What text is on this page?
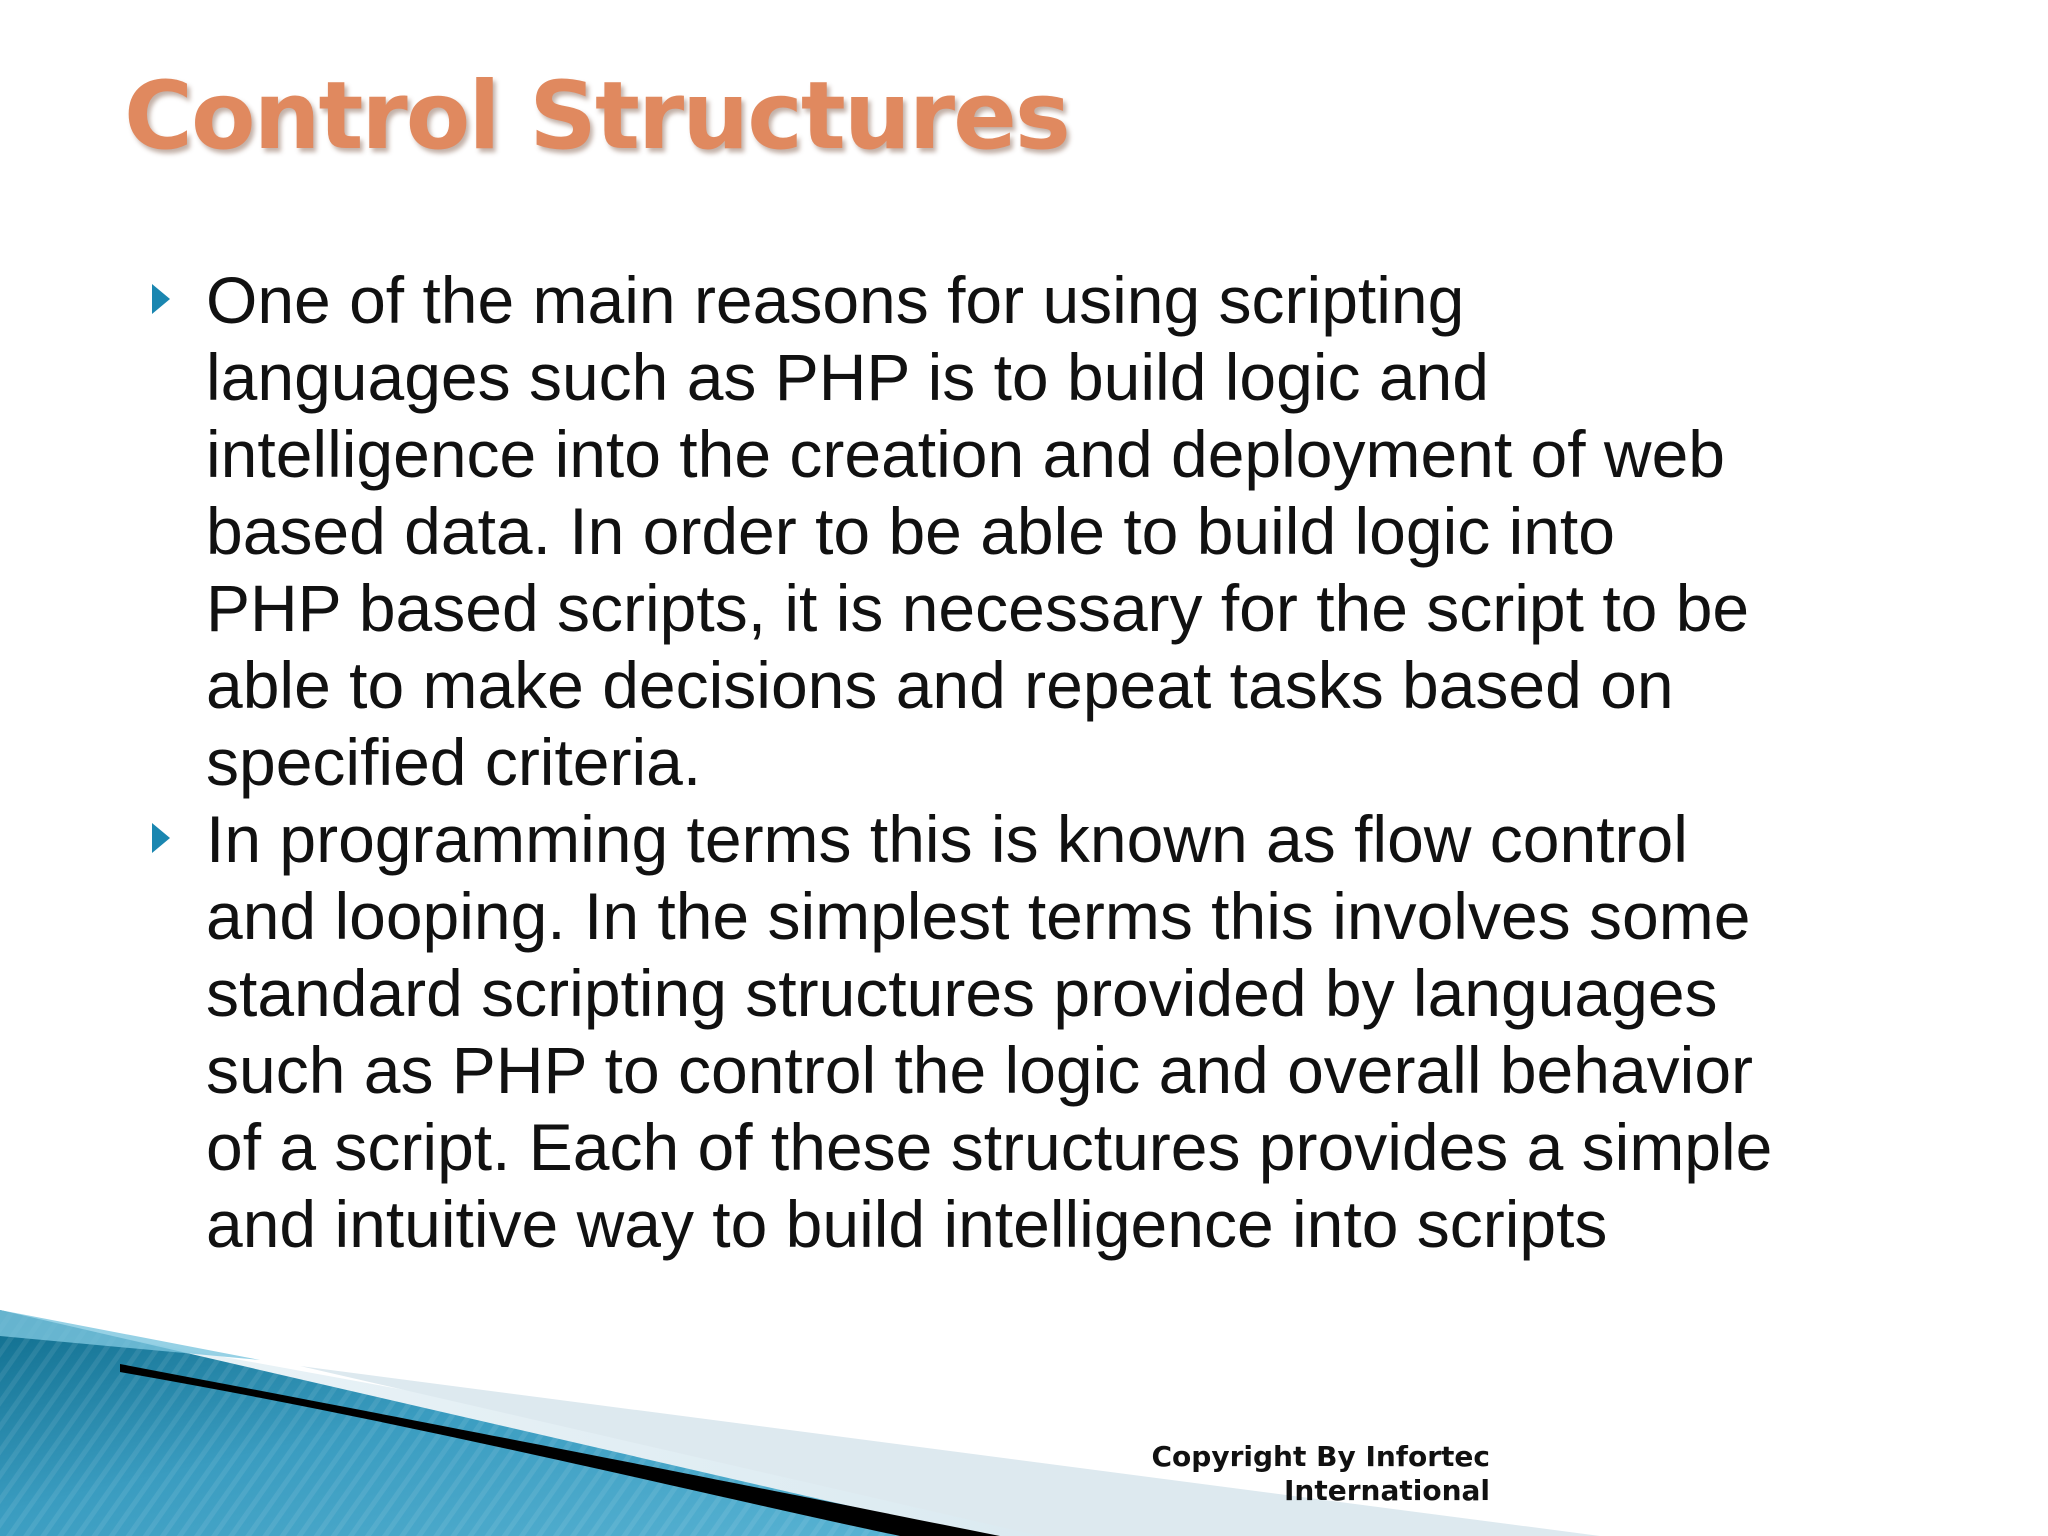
Control Structures
One of the main reasons for using scripting
languages such as PHP is to build logic and
intelligence into the creation and deployment of web
based data. In order to be able to build logic into
PHP based scripts, it is necessary for the script to be
able to make decisions and repeat tasks based on
specified criteria.
In programming terms this is known as flow control
and looping. In the simplest terms this involves some
standard scripting structures provided by languages
such as PHP to control the logic and overall behavior
of a script. Each of these structures provides a simple
and intuitive way to build intelligence into scripts
Copyright By Infortec
International
